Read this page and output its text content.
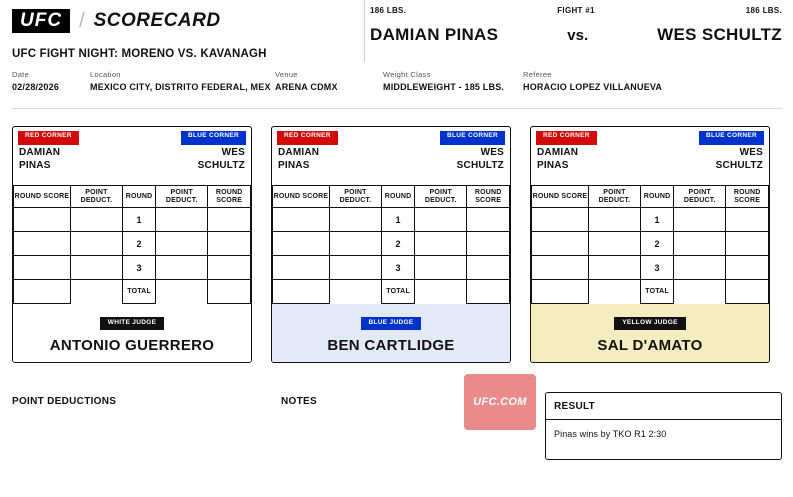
UFC / SCORECARD
UFC FIGHT NIGHT: MORENO VS. KAVANAGH
Date
02/28/2026
Location
MEXICO CITY, DISTRITO FEDERAL, MEX
Venue
ARENA CDMX
Weight Class
MIDDLEWEIGHT - 185 LBS.
Referee
HORACIO LOPEZ VILLANUEVA
186 LBS.	186 LBS.
FIGHT #1
DAMIAN PINAS	vs.	WES SCHULTZ
RED CORNER	BLUE CORNER
DAMIAN
PINAS
WES
SCHULTZ
ROUND SCORE	POINT DEDUCT.	ROUND	POINT DEDUCT.	ROUND SCORE
		1		
		2		
		3		
		TOTAL		
WHITE JUDGE
ANTONIO GUERRERO
RED CORNER	BLUE CORNER
DAMIAN
PINAS
WES
SCHULTZ
ROUND SCORE	POINT DEDUCT.	ROUND	POINT DEDUCT.	ROUND SCORE
		1		
		2		
		3		
		TOTAL		
BLUE JUDGE
BEN CARTLIDGE
RED CORNER	BLUE CORNER
DAMIAN
PINAS
WES
SCHULTZ
ROUND SCORE	POINT DEDUCT.	ROUND	POINT DEDUCT.	ROUND SCORE
		1		
		2		
		3		
		TOTAL		
YELLOW JUDGE
SAL D'AMATO
POINT DEDUCTIONS	NOTES	UFC.COM	RESULT
Pinas wins by TKO R1 2:30
